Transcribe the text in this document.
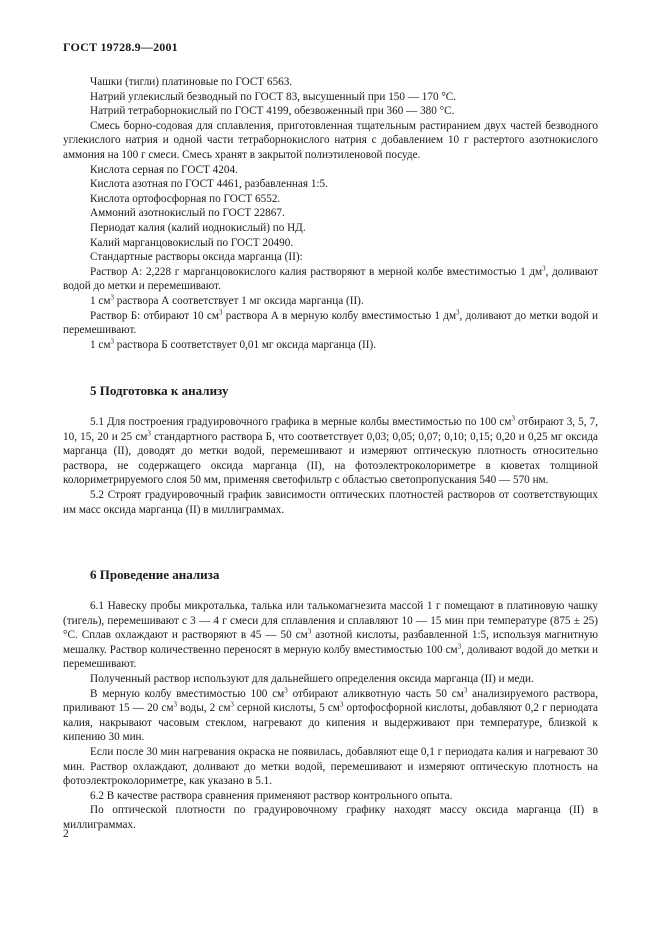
ГОСТ 19728.9—2001

Чашки (тигли) платиновые по ГОСТ 6563.

Натрий углекислый безводный по ГОСТ 83, высушенный при 150 — 170 °С.

Натрий тетраборнокислый по ГОСТ 4199, обезвоженный при 360 — 380 °С.

Смесь борно-содовая для сплавления, приготовленная тщательным растиранием двух частей безводного углекислого натрия и одной части тетраборнокислого натрия с добавлением 10 г растертого азотнокислого аммония на 100 г смеси. Смесь хранят в закрытой полиэтиленовой посуде.

Кислота серная по ГОСТ 4204.

Кислота азотная по ГОСТ 4461, разбавленная 1:5.

Кислота ортофосфорная по ГОСТ 6552.

Аммоний азотнокислый по ГОСТ 22867.

Периодат калия (калий иоднокислый) по НД.

Калий марганцовокислый по ГОСТ 20490.

Стандартные растворы оксида марганца (II):

Раствор А: 2,228 г марганцовокислого калия растворяют в мерной колбе вместимостью 1 $дм^3$, доливают водой до метки и перемешивают.

1 $см^3$ раствора А соответствует 1 мг оксида марганца (II).

Раствор Б: отбирают 10 $см^3$ раствора А в мерную колбу вместимостью 1 $дм^3$, доливают до метки водой и перемешивают.

1 $см^3$ раствора Б соответствует 0,01 мг оксида марганца (II).

5 Подготовка к анализу

5.1 Для построения градуировочного графика в мерные колбы вместимостью по 100 $см^3$ отбирают 3, 5, 7, 10, 15, 20 и 25 $см^3$ стандартного раствора Б, что соответствует 0,03; 0,05; 0,07; 0,10; 0,15; 0,20 и 0,25 мг оксида марганца (II), доводят до метки водой, перемешивают и измеряют оптическую плотность относительно раствора, не содержащего оксида марганца (II), на фотоэлектроколориметре в кюветах толщиной колориметрируемого слоя 50 мм, применяя светофильтр с областью светопропускания 540 — 570 нм.

5.2 Строят градуировочный график зависимости оптических плотностей растворов от соответствующих им масс оксида марганца (II) в миллиграммах.

6 Проведение анализа

6.1 Навеску пробы микроталька, талька или талькомагнезита массой 1 г помещают в платиновую чашку (тигель), перемешивают с 3 — 4 г смеси для сплавления и сплавляют 10 — 15 мин при температуре (875 ± 25) °С. Сплав охлаждают и растворяют в 45 — 50 $см^3$ азотной кислоты, разбавленной 1:5, используя магнитную мешалку. Раствор количественно переносят в мерную колбу вместимостью 100 $см^3$, доливают водой до метки и перемешивают.

Полученный раствор используют для дальнейшего определения оксида марганца (II) и меди.

В мерную колбу вместимостью 100 $см^3$ отбирают аликвотную часть 50 $см^3$ анализируемого раствора, приливают 15 — 20 $см^3$ воды, 2 $см^3$ серной кислоты, 5 $см^3$ ортофосфорной кислоты, добавляют 0,2 г периодата калия, накрывают часовым стеклом, нагревают до кипения и выдерживают при температуре, близкой к кипению 30 мин.

Если после 30 мин нагревания окраска не появилась, добавляют еще 0,1 г периодата калия и нагревают 30 мин. Раствор охлаждают, доливают до метки водой, перемешивают и измеряют оптическую плотность на фотоэлектроколориметре, как указано в 5.1.

6.2 В качестве раствора сравнения применяют раствор контрольного опыта.

По оптической плотности по градуировочному графику находят массу оксида марганца (II) в миллиграммах.

2
